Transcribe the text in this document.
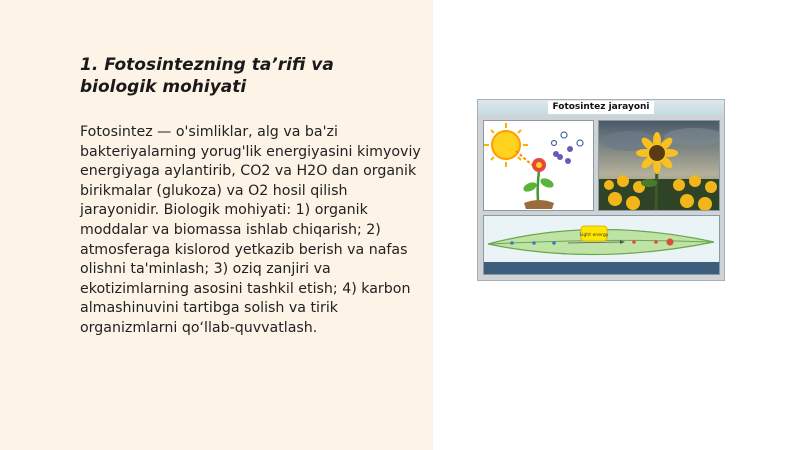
1. Fotosintezning ta’rifi va biologik mohiyati

Fotosintez — o'simliklar, alg va ba'zi bakteriyalarning yorug'lik energiyasini kimyoviy energiyaga aylantirib, CO2 va H2O dan organik birikmalar (glukoza) va O2 hosil qilish jarayonidir. Biologik mohiyati: 1) organik moddalar va biomassa ishlab chiqarish; 2) atmosferaga kislorod yetkazib berish va nafas olishni ta'minlash; 3) oziq zanjiri va ekotizimlarning asosini tashkil etish; 4) karbon almashinuvini tartibga solish va tirik organizmlarni qo‘llab-quvvatlash.

Fotosintez jarayoni
Light energy
